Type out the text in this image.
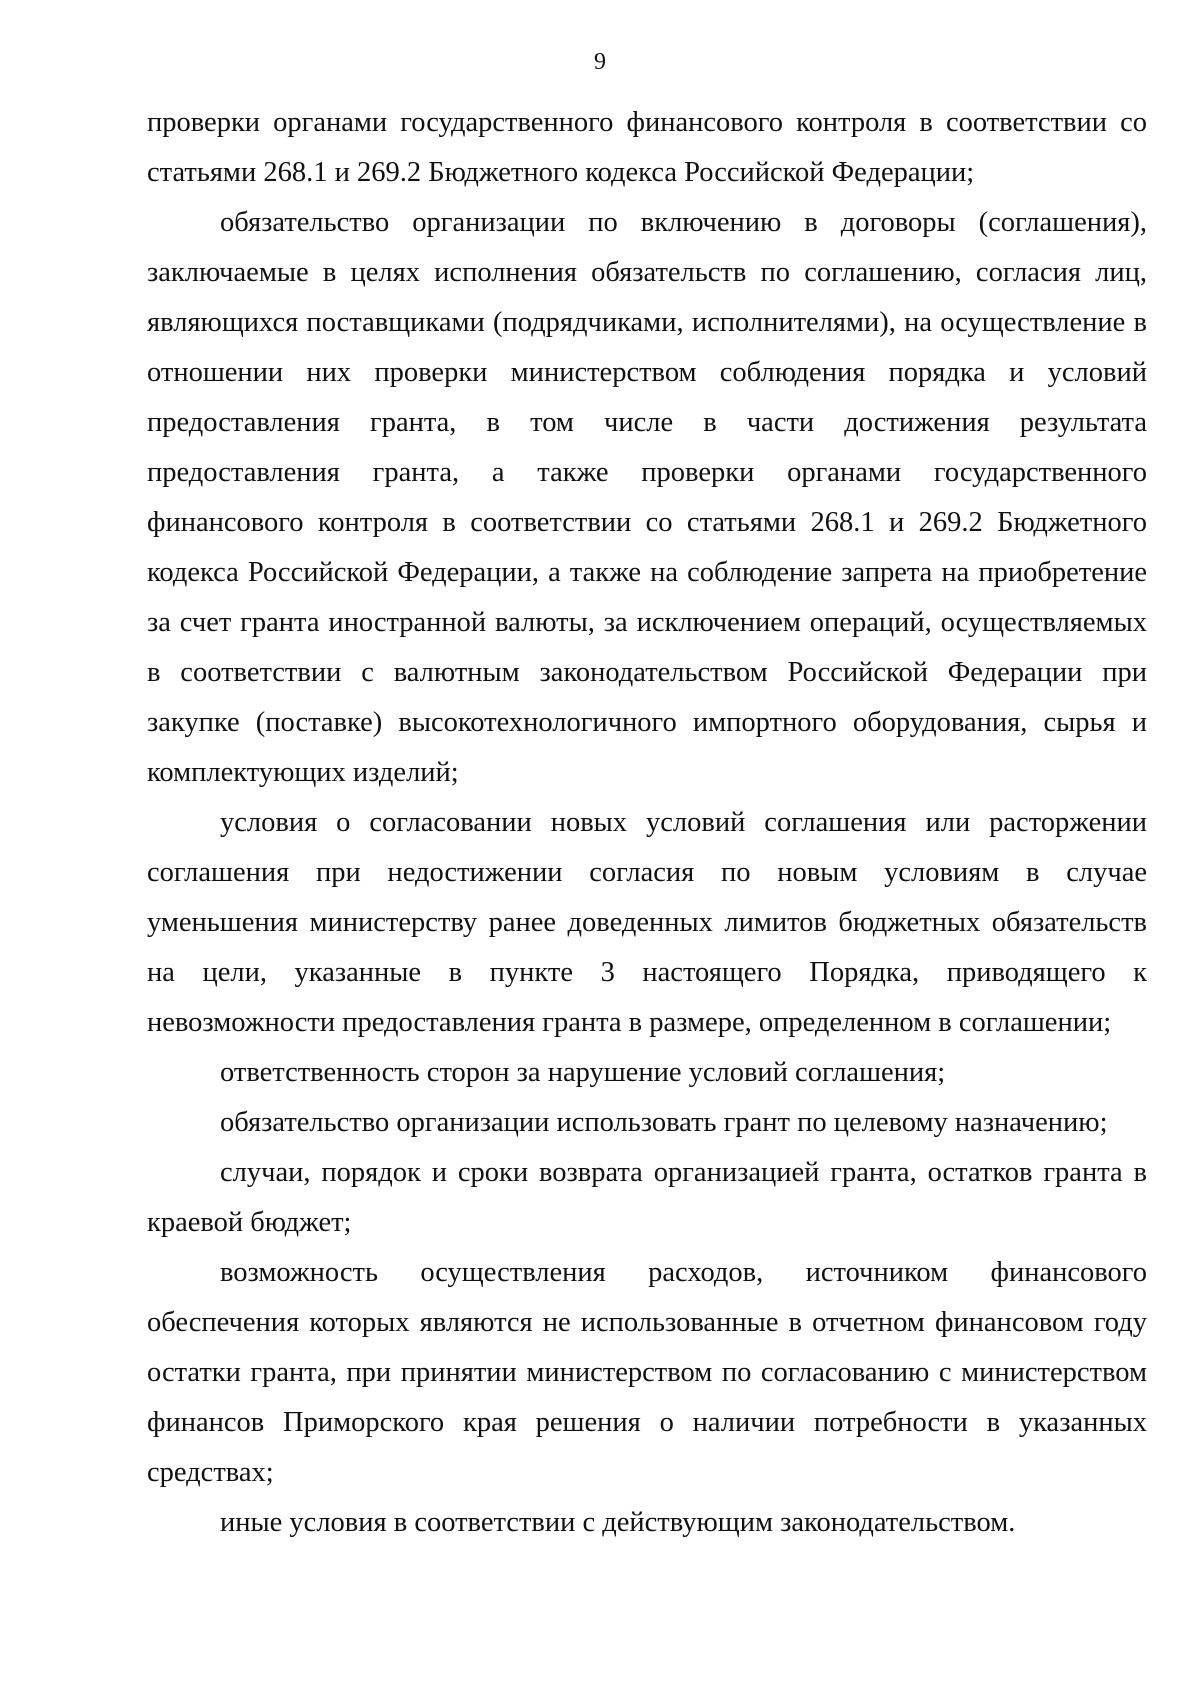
9

проверки органами государственного финансового контроля в соответствии со статьями 268.1 и 269.2 Бюджетного кодекса Российской Федерации;

обязательство организации по включению в договоры (соглашения), заключаемые в целях исполнения обязательств по соглашению, согласия лиц, являющихся поставщиками (подрядчиками, исполнителями), на осуществление в отношении них проверки министерством соблюдения порядка и условий предоставления гранта, в том числе в части достижения результата предоставления гранта, а также проверки органами государственного финансового контроля в соответствии со статьями 268.1 и 269.2 Бюджетного кодекса Российской Федерации, а также на соблюдение запрета на приобретение за счет гранта иностранной валюты, за исключением операций, осуществляемых в соответствии с валютным законодательством Российской Федерации при закупке (поставке) высокотехнологичного импортного оборудования, сырья и комплектующих изделий;

условия о согласовании новых условий соглашения или расторжении соглашения при недостижении согласия по новым условиям в случае уменьшения министерству ранее доведенных лимитов бюджетных обязательств на цели, указанные в пункте 3 настоящего Порядка, приводящего к невозможности предоставления гранта в размере, определенном в соглашении;

ответственность сторон за нарушение условий соглашения;

обязательство организации использовать грант по целевому назначению;

случаи, порядок и сроки возврата организацией гранта, остатков гранта в краевой бюджет;

возможность осуществления расходов, источником финансового обеспечения которых являются не использованные в отчетном финансовом году остатки гранта, при принятии министерством по согласованию с министерством финансов Приморского края решения о наличии потребности в указанных средствах;

иные условия в соответствии с действующим законодательством.
